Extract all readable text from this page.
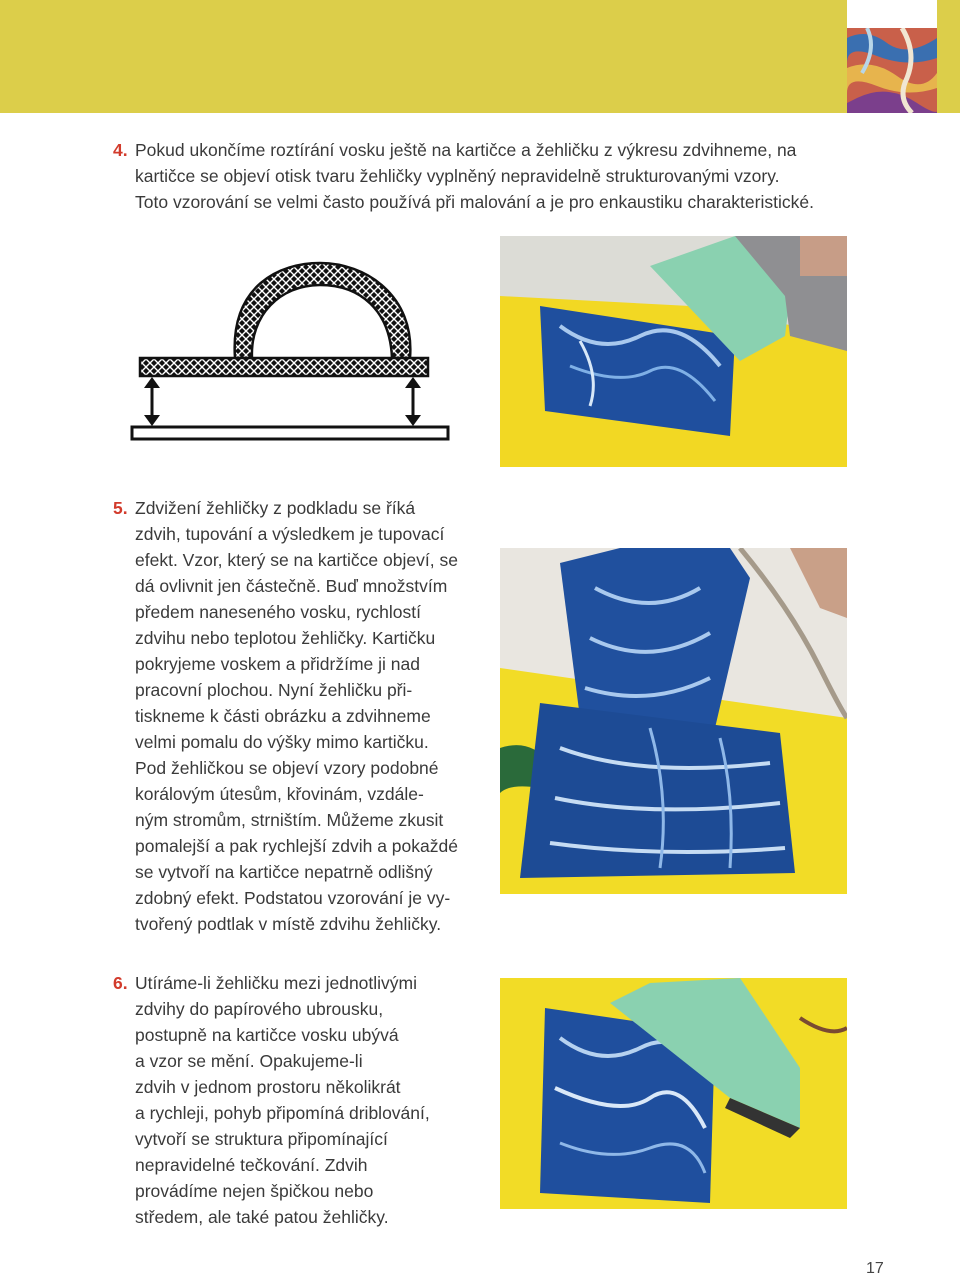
4. Pokud ukončíme roztírání vosku ještě na kartičce a žehličku z výkresu zdvihneme, na
kartičce se objeví otisk tvaru žehličky vyplněný nepravidelně strukturovanými vzory.
Toto vzorování se velmi často používá při malování a je pro enkaustiku charakteristické.
5. Zdvižení žehličky z podkladu se říká
zdvih, tupování a výsledkem je tupovací
efekt. Vzor, který se na kartičce objeví, se
dá ovlivnit jen částečně. Buď množstvím
předem naneseného vosku, rychlostí
zdvihu nebo teplotou žehličky. Kartičku
pokryjeme voskem a přidržíme ji nad
pracovní plochou. Nyní žehličku při-
tiskneme k části obrázku a zdvihneme
velmi pomalu do výšky mimo kartičku.
Pod žehličkou se objeví vzory podobné
korálovým útesům, křovinám, vzdále-
ným stromům, strništím. Můžeme zkusit
pomalejší a pak rychlejší zdvih a pokaždé
se vytvoří na kartičce nepatrně odlišný
zdobný efekt. Podstatou vzorování je vy-
tvořený podtlak v místě zdvihu žehličky.
6. Utíráme-li žehličku mezi jednotlivými
zdvihy do papírového ubrousku,
postupně na kartičce vosku ubývá
a vzor se mění. Opakujeme-li
zdvih v jednom prostoru několikrát
a rychleji, pohyb připomíná driblování,
vytvoří se struktura připomínající
nepravidelné tečkování. Zdvih
provádíme nejen špičkou nebo
středem, ale také patou žehličky.
17
